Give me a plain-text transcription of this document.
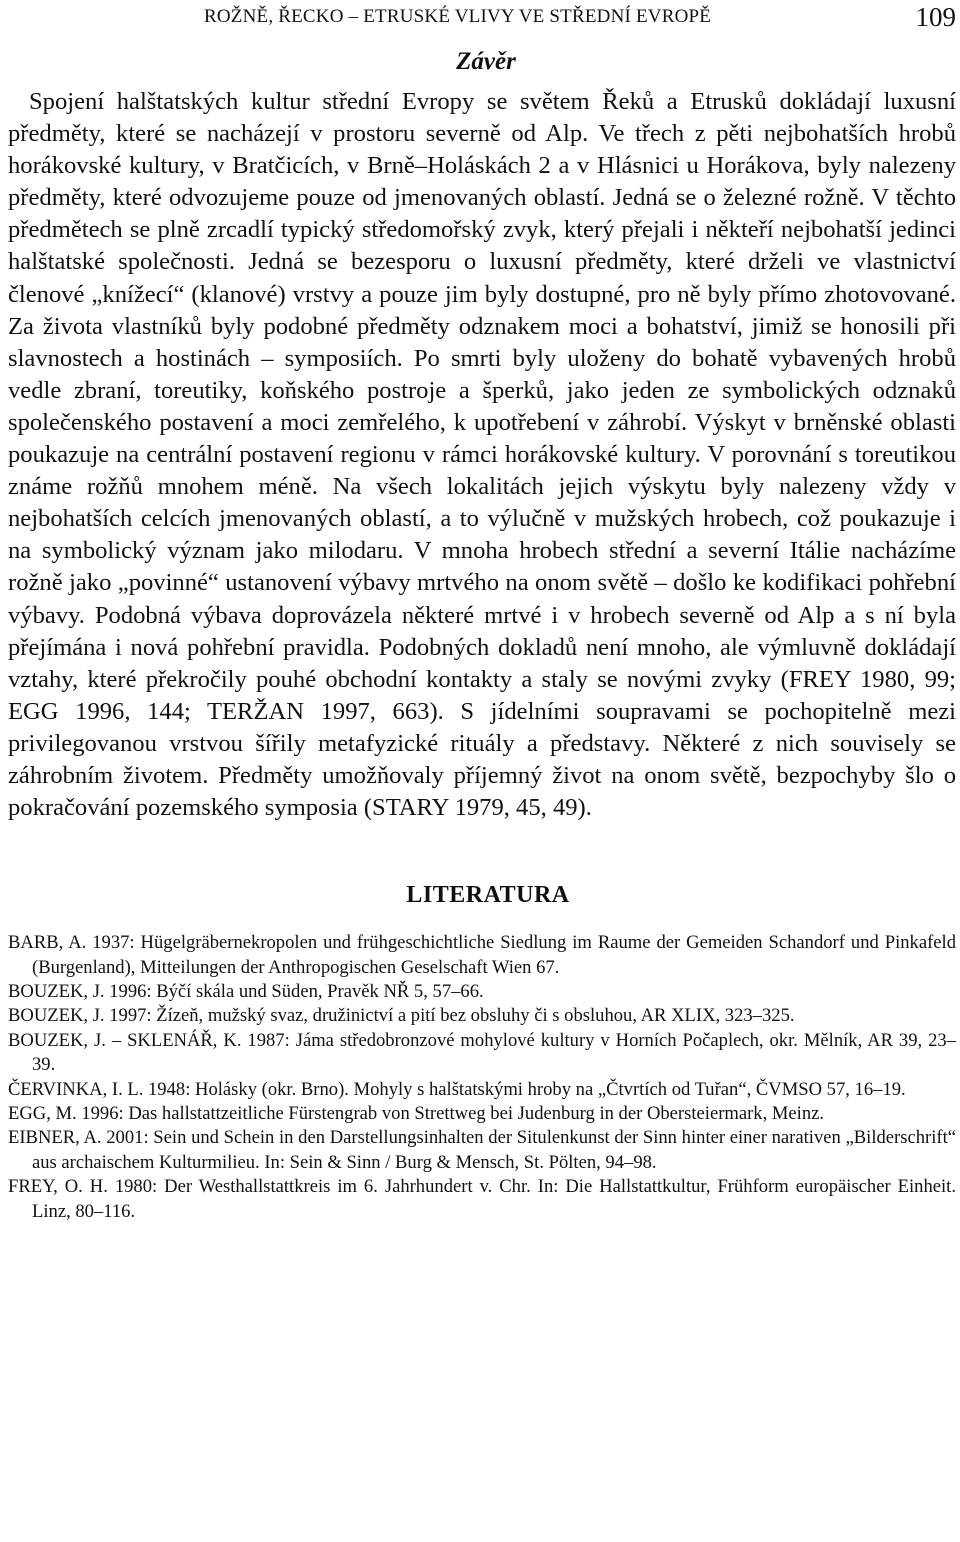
ROŽNĚ, ŘECKO – ETRUSKÉ VLIVY VE STŘEDNÍ EVROPĚ	109
Závěr

Spojení halštatských kultur střední Evropy se světem Řeků a Etrusků dokládají luxusní předměty, které se nacházejí v prostoru severně od Alp. Ve třech z pěti nejbohatších hrobů horákovské kultury, v Bratčicích, v Brně–Holáskách 2 a v Hlásnici u Horákova, byly nalezeny předměty, které odvozujeme pouze od jmenovaných oblastí. Jedná se o železné rožně. V těchto předmětech se plně zrcadlí typický středomořský zvyk, který přejali i někteří nejbohatší jedinci halštatské společnosti. Jedná se bezesporu o luxusní předměty, které drželi ve vlastnictví členové „knížecí“ (klanové) vrstvy a pouze jim byly dostupné, pro ně byly přímo zhotovované. Za života vlastníků byly podobné předměty odznakem moci a bohatství, jimiž se honosili při slavnostech a hostinách – symposiích. Po smrti byly uloženy do bohatě vybavených hrobů vedle zbraní, toreutiky, koňského postroje a šperků, jako jeden ze symbolických odznaků společenského postavení a moci zemřelého, k upotřebení v záhrobí. Výskyt v brněnské oblasti poukazuje na centrální postavení regionu v rámci horákovské kultury. V porovnání s toreutikou známe rožňů mnohem méně. Na všech lokalitách jejich výskytu byly nalezeny vždy v nejbohatších celcích jmenovaných oblastí, a to výlučně v mužských hrobech, což poukazuje i na symbolický význam jako milodaru. V mnoha hrobech střední a severní Itálie nacházíme rožně jako „povinné“ ustanovení výbavy mrtvého na onom světě – došlo ke kodifikaci pohřební výbavy. Podobná výbava doprovázela některé mrtvé i v hrobech severně od Alp a s ní byla přejímána i nová pohřební pravidla. Podobných dokladů není mnoho, ale výmluvně dokládají vztahy, které překročily pouhé obchodní kontakty a staly se novými zvyky (FREY 1980, 99; EGG 1996, 144; TERŽAN 1997, 663). S jídelními soupravami se pochopitelně mezi privilegovanou vrstvou šířily metafyzické rituály a představy. Některé z nich souvisely se záhrobním životem. Předměty umožňovaly příjemný život na onom světě, bezpochyby šlo o pokračování pozemského symposia (STARY 1979, 45, 49).

LITERATURA
BARB, A. 1937: Hügelgräbernekropolen und frühgeschichtliche Siedlung im Raume der Gemeiden Schandorf und Pinkafeld (Burgenland), Mitteilungen der Anthropogischen Geselschaft Wien 67.
BOUZEK, J. 1996: Býčí skála und Süden, Pravěk NŘ 5, 57–66.
BOUZEK, J. 1997: Žízeň, mužský svaz, družinictví a pití bez obsluhy či s obsluhou, AR XLIX, 323–325.
BOUZEK, J. – SKLENÁŘ, K. 1987: Jáma středobronzové mohylové kultury v Horních Počaplech, okr. Mělník, AR 39, 23–39.
ČERVINKA, I. L. 1948: Holásky (okr. Brno). Mohyly s halštatskými hroby na „Čtvrtích od Tuřan“, ČVMSO 57, 16–19.
EGG, M. 1996: Das hallstattzeitliche Fürstengrab von Strettweg bei Judenburg in der Obersteiermark, Meinz.
EIBNER, A. 2001: Sein und Schein in den Darstellungsinhalten der Situlenkunst der Sinn hinter einer narativen „Bilderschrift“ aus archaischem Kulturmilieu. In: Sein & Sinn / Burg & Mensch, St. Pölten, 94–98.
FREY, O. H. 1980: Der Westhallstattkreis im 6. Jahrhundert v. Chr. In: Die Hallstattkultur, Frühform europäischer Einheit. Linz, 80–116.
